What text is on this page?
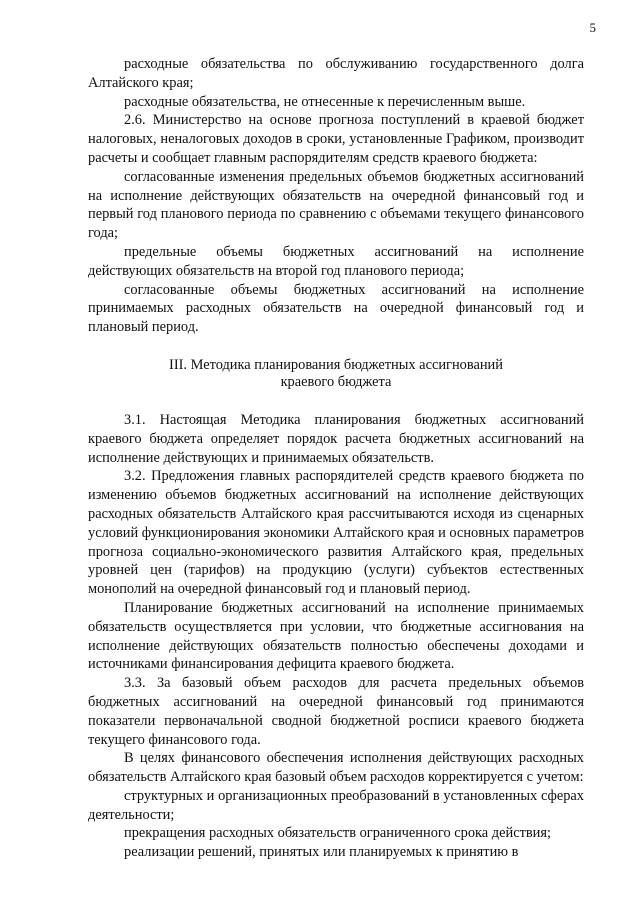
5

расходные обязательства по обслуживанию государственного долга Алтайского края;

расходные обязательства, не отнесенные к перечисленным выше.

2.6. Министерство на основе прогноза поступлений в краевой бюджет налоговых, неналоговых доходов в сроки, установленные Графиком, производит расчеты и сообщает главным распорядителям средств краевого бюджета:

согласованные изменения предельных объемов бюджетных ассигнований на исполнение действующих обязательств на очередной финансовый год и первый год планового периода по сравнению с объемами текущего финансового года;

предельные объемы бюджетных ассигнований на исполнение действующих обязательств на второй год планового периода;

согласованные объемы бюджетных ассигнований на исполнение принимаемых расходных обязательств на очередной финансовый год и плановый период.

III. Методика планирования бюджетных ассигнований
краевого бюджета

3.1. Настоящая Методика планирования бюджетных ассигнований краевого бюджета определяет порядок расчета бюджетных ассигнований на исполнение действующих и принимаемых обязательств.

3.2. Предложения главных распорядителей средств краевого бюджета по изменению объемов бюджетных ассигнований на исполнение действующих расходных обязательств Алтайского края рассчитываются исходя из сценарных условий функционирования экономики Алтайского края и основных параметров прогноза социально-экономического развития Алтайского края, предельных уровней цен (тарифов) на продукцию (услуги) субъектов естественных монополий на очередной финансовый год и плановый период.

Планирование бюджетных ассигнований на исполнение принимаемых обязательств осуществляется при условии, что бюджетные ассигнования на исполнение действующих обязательств полностью обеспечены доходами и источниками финансирования дефицита краевого бюджета.

3.3. За базовый объем расходов для расчета предельных объемов бюджетных ассигнований на очередной финансовый год принимаются показатели первоначальной сводной бюджетной росписи краевого бюджета текущего финансового года.

В целях финансового обеспечения исполнения действующих расходных обязательств Алтайского края базовый объем расходов корректируется с учетом:

структурных и организационных преобразований в установленных сферах деятельности;

прекращения расходных обязательств ограниченного срока действия;

реализации решений, принятых или планируемых к принятию в
